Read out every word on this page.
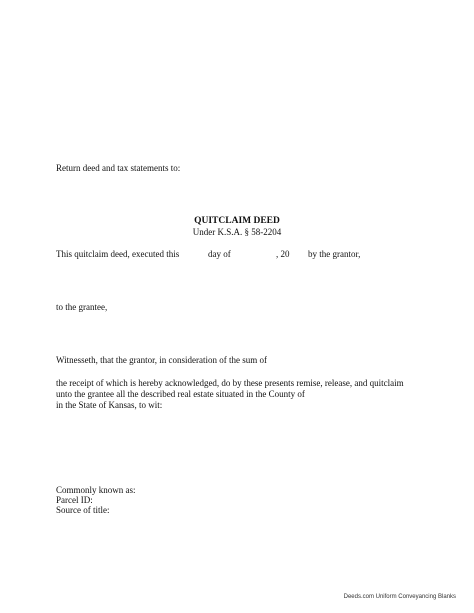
Return deed and tax statements to:
QUITCLAIM DEED
Under K.S.A. § 58-2204
This quitclaim deed, executed this	day of	, 20 by the grantor,
to the grantee,
Witnesseth, that the grantor, in consideration of the sum of
the receipt of which is hereby acknowledged, do by these presents remise, release, and quitclaim
unto the grantee all the described real estate situated in the County of
in the State of Kansas, to wit:
Commonly known as:
Parcel ID:
Source of title:
Deeds.com Uniform Conveyancing Blanks
